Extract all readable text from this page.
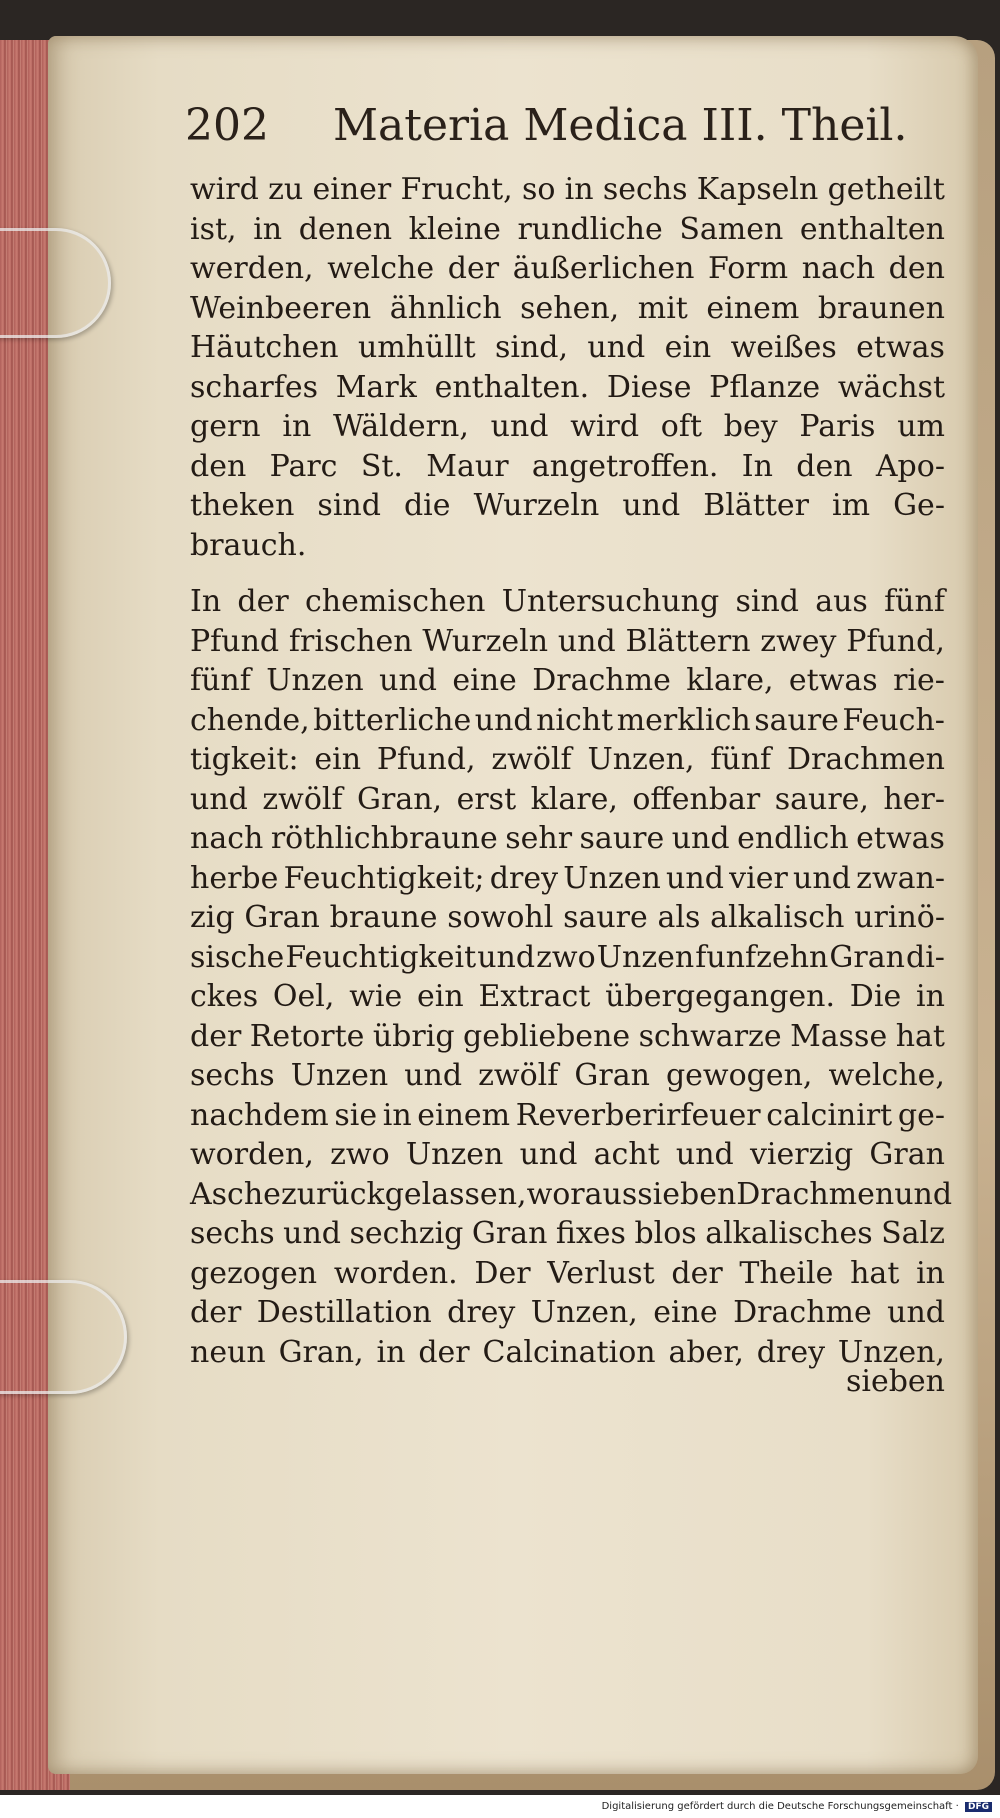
202 Materia Medica III. Theil.
wird zu einer Frucht, so in sechs Kapseln getheilt
ist, in denen kleine rundliche Samen enthalten
werden, welche der äußerlichen Form nach den
Weinbeeren ähnlich sehen, mit einem braunen
Häutchen umhüllt sind, und ein weißes etwas
scharfes Mark enthalten. Diese Pflanze wächst
gern in Wäldern, und wird oft bey Paris um
den Parc St. Maur angetroffen. In den Apo-
theken sind die Wurzeln und Blätter im Ge-
brauch.
In der chemischen Untersuchung sind aus fünf
Pfund frischen Wurzeln und Blättern zwey Pfund,
fünf Unzen und eine Drachme klare, etwas rie-
chende, bitterliche und nicht merklich saure Feuch-
tigkeit: ein Pfund, zwölf Unzen, fünf Drachmen
und zwölf Gran, erst klare, offenbar saure, her-
nach röthlichbraune sehr saure und endlich etwas
herbe Feuchtigkeit; drey Unzen und vier und zwan-
zig Gran braune sowohl saure als alkalisch urinö-
sische Feuchtigkeit und zwo Unzen funfzehn Gran di-
ckes Oel, wie ein Extract übergegangen. Die in
der Retorte übrig gebliebene schwarze Masse hat
sechs Unzen und zwölf Gran gewogen, welche,
nachdem sie in einem Reverberirfeuer calcinirt ge-
worden, zwo Unzen und acht und vierzig Gran
Asche zurückgelassen, woraus sieben Drachmen und
sechs und sechzig Gran fixes blos alkalisches Salz
gezogen worden. Der Verlust der Theile hat in
der Destillation drey Unzen, eine Drachme und
neun Gran, in der Calcination aber, drey Unzen,
sieben
Digitalisierung gefördert durch die Deutsche Forschungsgemeinschaft · DFG
